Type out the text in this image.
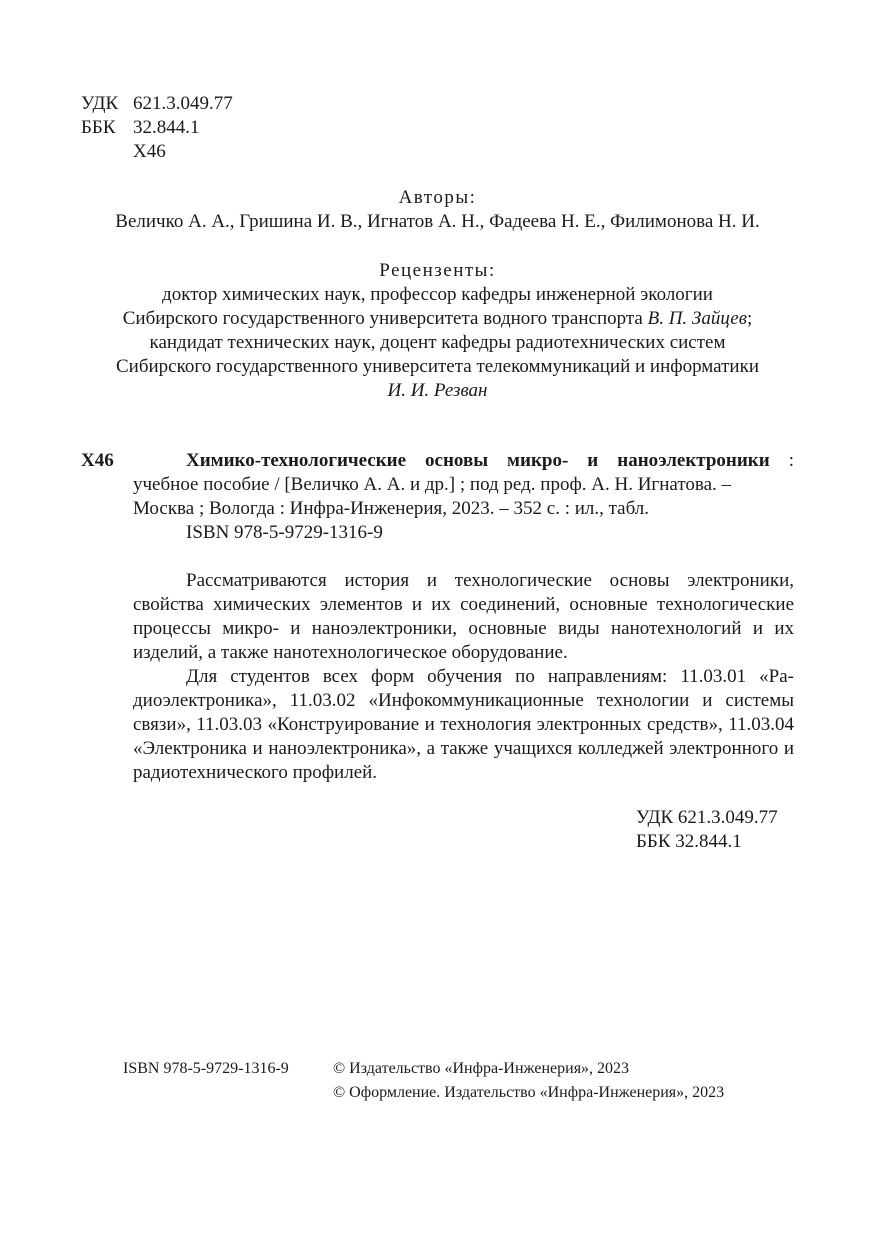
УДК 621.3.049.77
ББК 32.844.1
Х46
Авторы:
Величко А. А., Гришина И. В., Игнатов А. Н., Фадеева Н. Е., Филимонова Н. И.
Рецензенты:
доктор химических наук, профессор кафедры инженерной экологии
Сибирского государственного университета водного транспорта В. П. Зайцев;
кандидат технических наук, доцент кафедры радиотехнических систем
Сибирского государственного университета телекоммуникаций и информатики
И. И. Резван
Х46	Химико-технологические основы микро- и наноэлектроники :
учебное пособие / [Величко А. А. и др.] ; под ред. проф. А. Н. Игнатова. –
Москва ; Вологда : Инфра-Инженерия, 2023. – 352 с. : ил., табл.
ISBN 978-5-9729-1316-9

Рассматриваются история и технологические основы электроники, свойства химических элементов и их соединений, основные технологические процессы микро- и наноэлектроники, основные виды нанотехнологий и их изделий, а также нанотехнологическое оборудование.

Для студентов всех форм обучения по направлениям: 11.03.01 «Радиоэлектроника», 11.03.02 «Инфокоммуникационные технологии и системы связи», 11.03.03 «Конструирование и технология электронных средств», 11.03.04 «Электроника и наноэлектроника», а также учащихся колледжей электронного и радиотехнического профилей.

УДК 621.3.049.77
ББК 32.844.1
ISBN 978-5-9729-1316-9	© Издательство «Инфра-Инженерия», 2023
© Оформление. Издательство «Инфра-Инженерия», 2023
